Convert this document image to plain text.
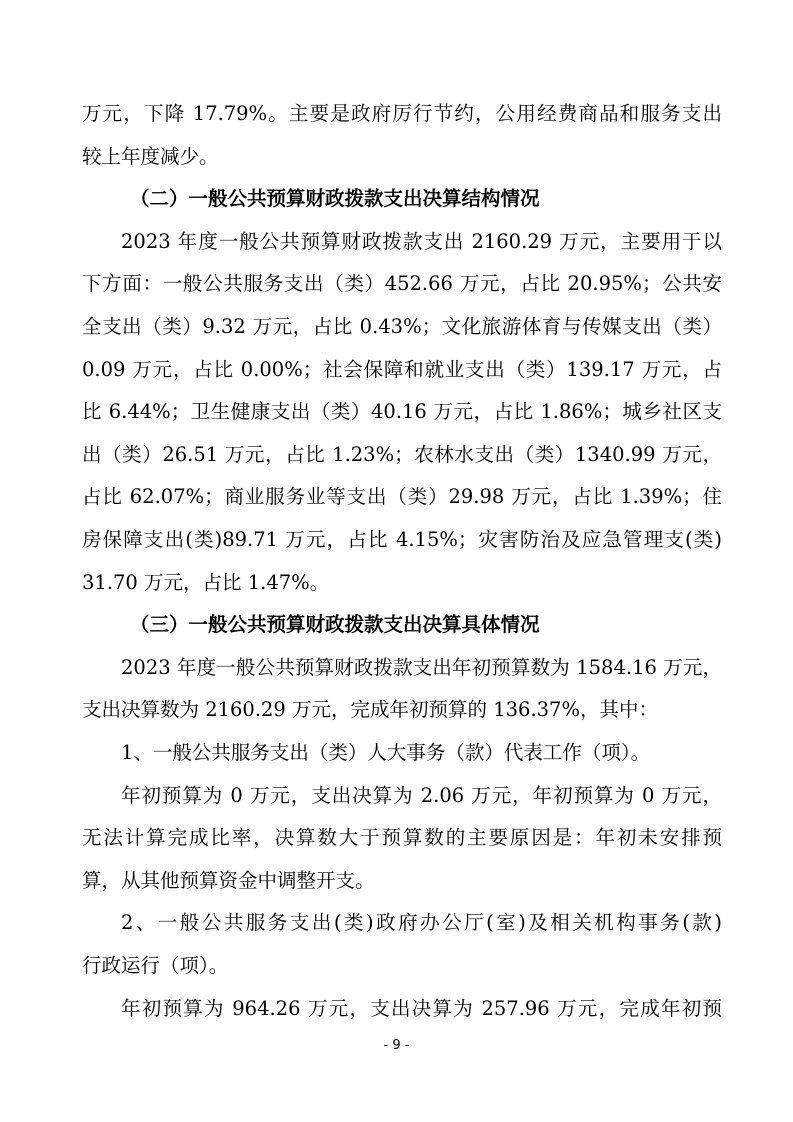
万元，下降 17.79%。主要是政府厉行节约，公用经费商品和服务支出
较上年度减少。
（二）一般公共预算财政拨款支出决算结构情况
2023 年度一般公共预算财政拨款支出 2160.29 万元，主要用于以
下方面：一般公共服务支出（类）452.66 万元，占比 20.95%；公共安
全支出（类）9.32 万元，占比 0.43%；文化旅游体育与传媒支出（类）
0.09 万元，占比 0.00%；社会保障和就业支出（类）139.17 万元，占
比 6.44%；卫生健康支出（类）40.16 万元，占比 1.86%；城乡社区支
出（类）26.51 万元，占比 1.23%；农林水支出（类）1340.99 万元，
占比 62.07%；商业服务业等支出（类）29.98 万元，占比 1.39%；住
房保障支出(类)89.71 万元，占比 4.15%；灾害防治及应急管理支(类)
31.70 万元，占比 1.47%。
（三）一般公共预算财政拨款支出决算具体情况
2023 年度一般公共预算财政拨款支出年初预算数为 1584.16 万元，
支出决算数为 2160.29 万元，完成年初预算的 136.37%，其中：
1、一般公共服务支出（类）人大事务（款）代表工作（项）。
年初预算为 0 万元，支出决算为 2.06 万元，年初预算为 0 万元，
无法计算完成比率，决算数大于预算数的主要原因是：年初未安排预
算，从其他预算资金中调整开支。
2、一般公共服务支出(类)政府办公厅(室)及相关机构事务(款)
行政运行（项）。
年初预算为 964.26 万元，支出决算为 257.96 万元，完成年初预
- 9 -
